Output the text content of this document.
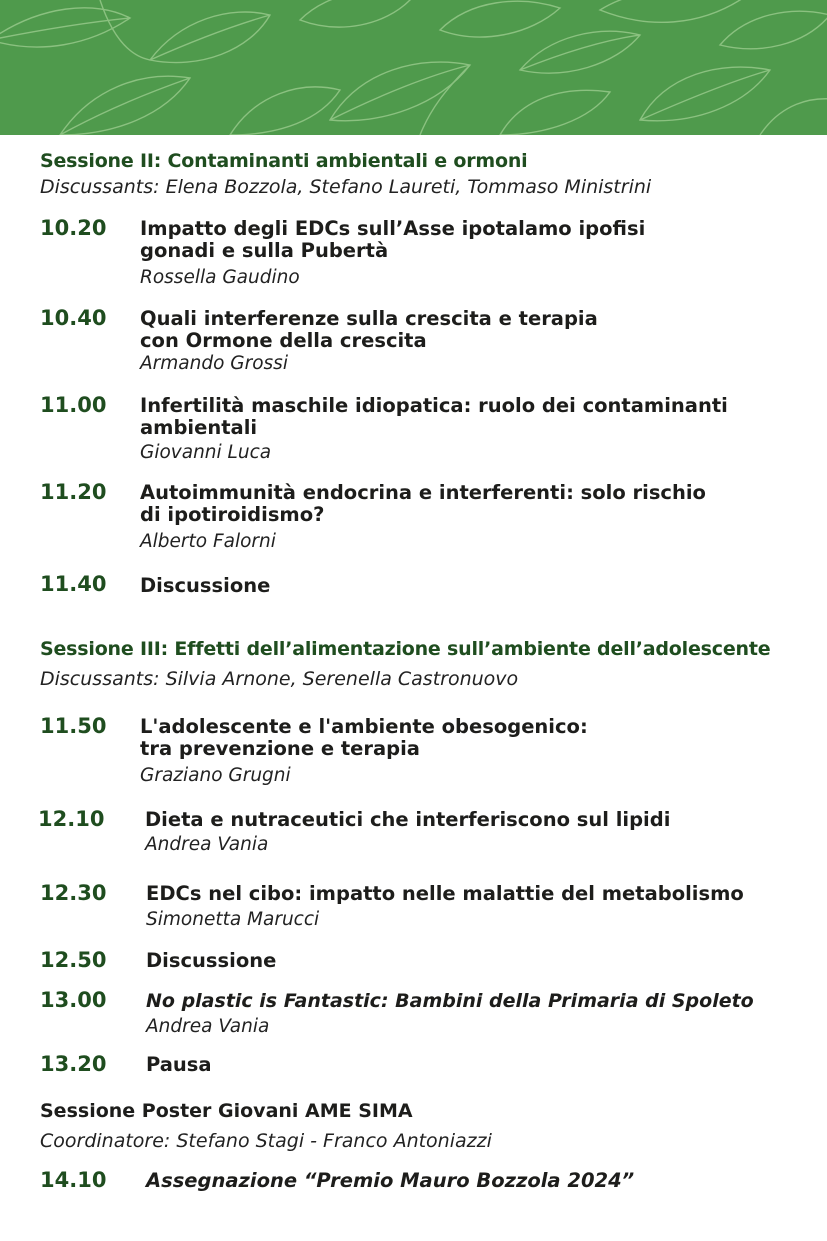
Sessione II: Contaminanti ambientali e ormoni
Discussants: Elena Bozzola, Stefano Laureti, Tommaso Ministrini
10.20 Impatto degli EDCs sull’Asse ipotalamo ipofisi
gonadi e sulla Pubertà
Rossella Gaudino
10.40 Quali interferenze sulla crescita e terapia
con Ormone della crescita
Armando Grossi
11.00 Infertilità maschile idiopatica: ruolo dei contaminanti
ambientali
Giovanni Luca
11.20 Autoimmunità endocrina e interferenti: solo rischio
di ipotiroidismo?
Alberto Falorni
11.40 Discussione
Sessione III: Effetti dell’alimentazione sull’ambiente dell’adolescente
Discussants: Silvia Arnone, Serenella Castronuovo
11.50 L'adolescente e l'ambiente obesogenico:
tra prevenzione e terapia
Graziano Grugni
12.10 Dieta e nutraceutici che interferiscono sul lipidi
Andrea Vania
12.30 EDCs nel cibo: impatto nelle malattie del metabolismo
Simonetta Marucci
12.50 Discussione
13.00 No plastic is Fantastic: Bambini della Primaria di Spoleto
Andrea Vania
13.20 Pausa
Sessione Poster Giovani AME SIMA
Coordinatore: Stefano Stagi - Franco Antoniazzi
14.10 Assegnazione “Premio Mauro Bozzola 2024”
